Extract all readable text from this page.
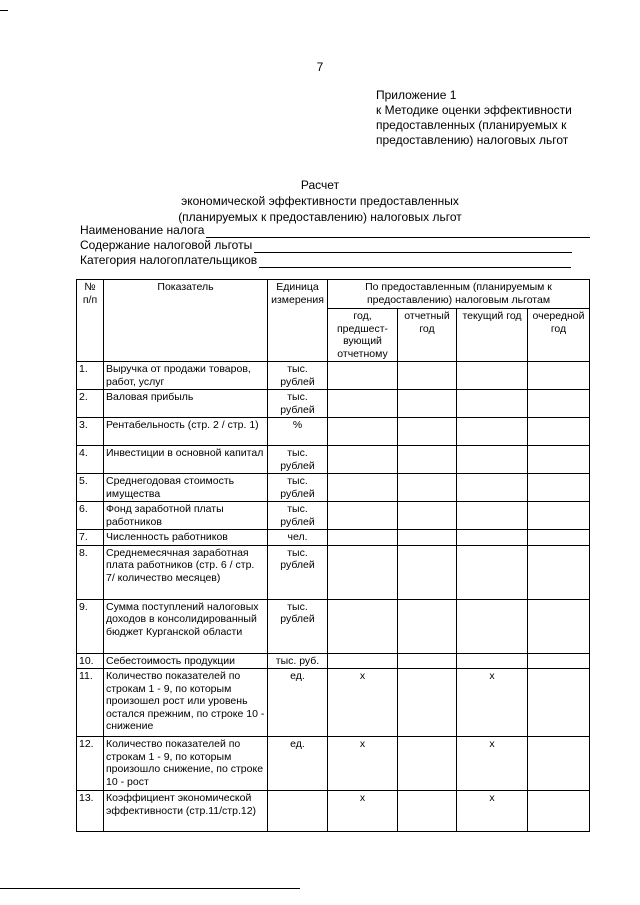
7
Приложение 1
к Методике оценки эффективности
предоставленных (планируемых к
предоставлению) налоговых льгот
Расчет
экономической эффективности предоставленных
(планируемых к предоставлению) налоговых льгот
Наименование налога
Содержание налоговой льготы
Категория налогоплательщиков
№ п/п	Показатель	Единица измерения	По предоставленным (планируемым к предоставлению) налоговым льготам			
			год, предшест-вующий отчетному	отчетный год	текущий год	очередной год
1.	Выручка от продажи товаров, работ, услуг	тыс. рублей				
2.	Валовая прибыль	тыс. рублей				
3.	Рентабельность (стр. 2 / стр. 1)	%				
4.	Инвестиции в основной капитал	тыс. рублей				
5.	Среднегодовая стоимость имущества	тыс. рублей				
6.	Фонд заработной платы работников	тыс. рублей				
7.	Численность работников	чел.				
8.	Среднемесячная заработная плата работников (стр. 6 / стр. 7/ количество месяцев)	тыс. рублей				
9.	Сумма поступлений налоговых доходов в консолидированный бюджет Курганской области	тыс. рублей				
10.	Себестоимость продукции	тыс. руб.				
11.	Количество показателей по строкам 1 - 9, по которым произошел рост или уровень остался прежним, по строке 10 - снижение	ед.	х		х	
12.	Количество показателей по строкам 1 - 9, по которым произошло снижение, по строке 10 - рост	ед.	х		х	
13.	Коэффициент экономической эффективности (стр.11/стр.12)		х		х	
